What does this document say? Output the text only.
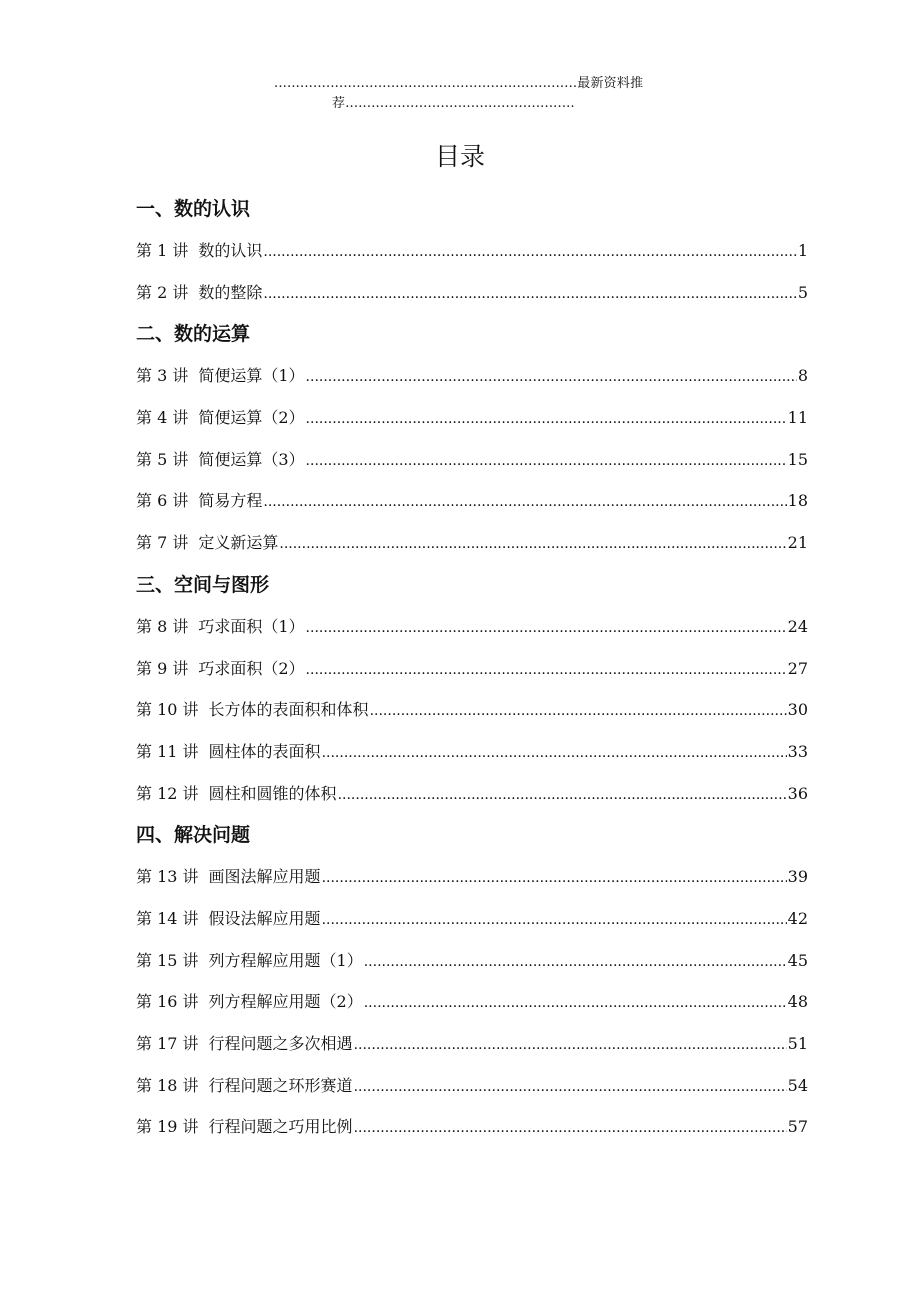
......................................................................最新资料推
荐.....................................................
目录
一、数的认识
第 1 讲 数的认识 .....	1
第 2 讲 数的整除 .....	5
二、数的运算
第 3 讲 简便运算（1） .....	8
第 4 讲 简便运算（2） .....	11
第 5 讲 简便运算（3） .....	15
第 6 讲 简易方程 .....	18
第 7 讲 定义新运算 .....	21
三、空间与图形
第 8 讲 巧求面积（1） .....	24
第 9 讲 巧求面积（2） .....	27
第 10 讲 长方体的表面积和体积 .....	30
第 11 讲 圆柱体的表面积 .....	33
第 12 讲 圆柱和圆锥的体积 .....	36
四、解决问题
第 13 讲 画图法解应用题 .....	39
第 14 讲 假设法解应用题 .....	42
第 15 讲 列方程解应用题（1） .....	45
第 16 讲 列方程解应用题（2） .....	48
第 17 讲 行程问题之多次相遇 .....	51
第 18 讲 行程问题之环形赛道 .....	54
第 19 讲 行程问题之巧用比例 .....	57
